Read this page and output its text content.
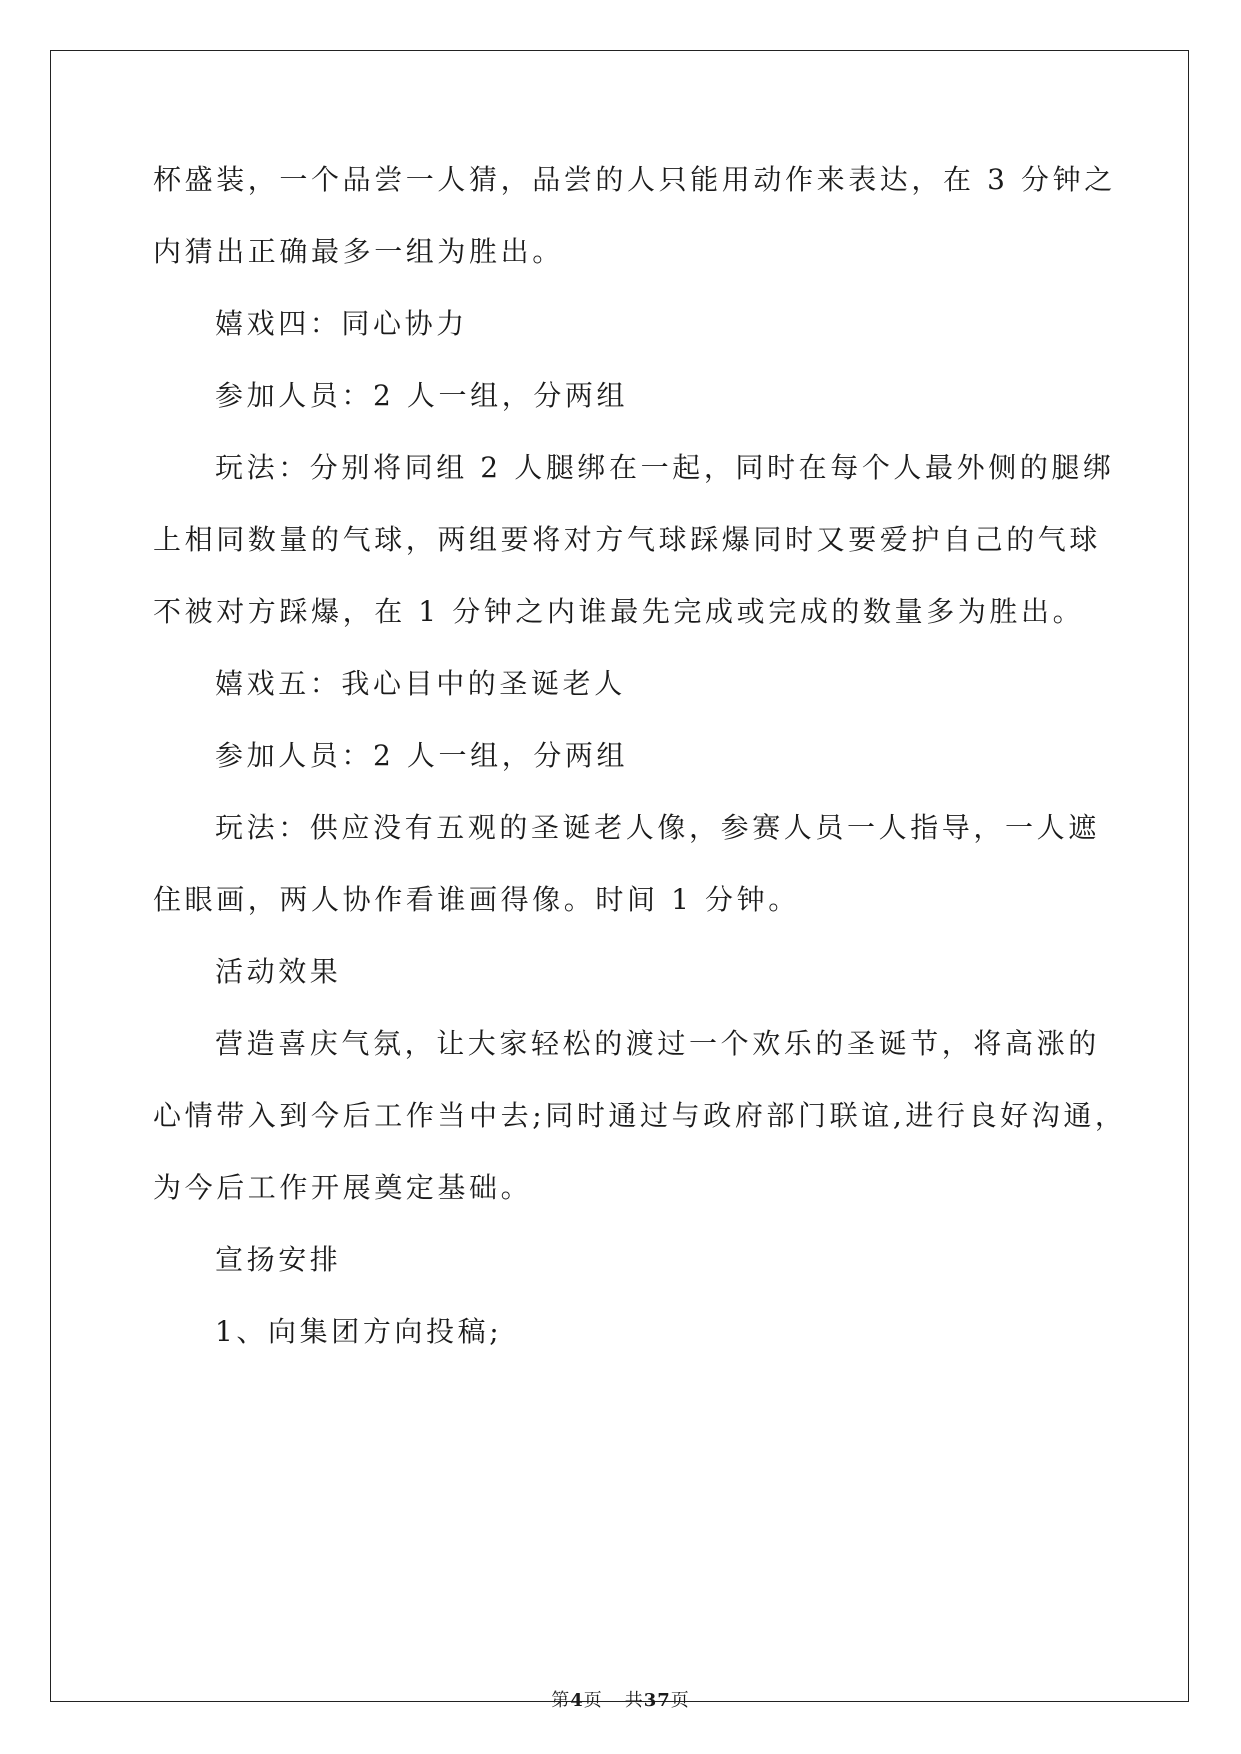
杯盛装，一个品尝一人猜，品尝的人只能用动作来表达，在 3 分钟之
内猜出正确最多一组为胜出。
嬉戏四：同心协力
参加人员：2 人一组，分两组
玩法：分别将同组 2 人腿绑在一起，同时在每个人最外侧的腿绑
上相同数量的气球，两组要将对方气球踩爆同时又要爱护自己的气球
不被对方踩爆，在 1 分钟之内谁最先完成或完成的数量多为胜出。
嬉戏五：我心目中的圣诞老人
参加人员：2 人一组，分两组
玩法：供应没有五观的圣诞老人像，参赛人员一人指导，一人遮
住眼画，两人协作看谁画得像。时间 1 分钟。
活动效果
营造喜庆气氛，让大家轻松的渡过一个欢乐的圣诞节，将高涨的
心情带入到今后工作当中去;同时通过与政府部门联谊,进行良好沟通，
为今后工作开展奠定基础。
宣扬安排
1、向集团方向投稿;
第4页 共37页
